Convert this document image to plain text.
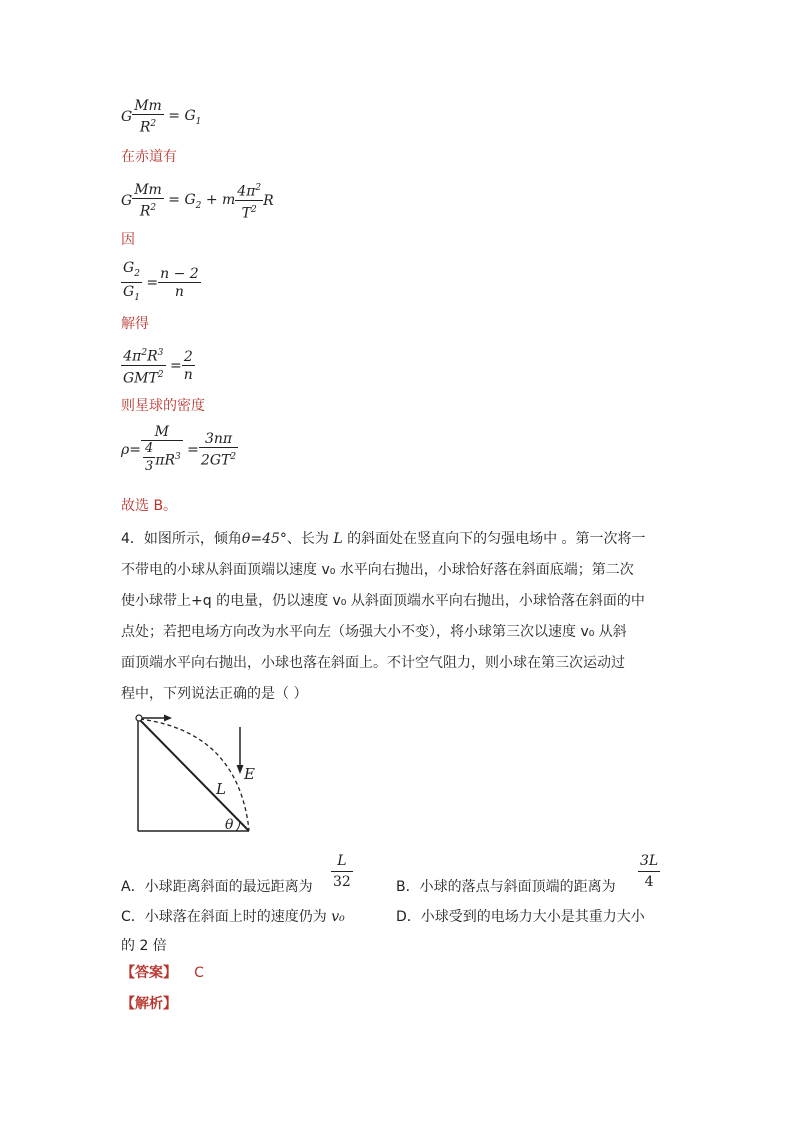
G $\frac{Mm}{R^2} = G_1$
在赤道有
G $\frac{Mm}{R^2} = G_2 + m \frac{4\pi^2}{T^2}$ R
因
$\frac{G_2}{G_1} = \frac{n - 2}{n}$
解得
$\frac{4\pi^2R^3}{GMT^2} = \frac{2}{n}$
则星球的密度
$\rho= \frac{M}{\frac{4}{3} \pi R^3} = \frac{3n\pi}{2GT^2}$
故选 B。
4．如图所示，倾角θ=45°、长为 L 的斜面处在竖直向下的匀强电场中 。第一次将一
不带电的小球从斜面顶端以速度 v₀ 水平向右抛出，小球恰好落在斜面底端；第二次
使小球带上+q 的电量，仍以速度 v₀ 从斜面顶端水平向右抛出，小球恰落在斜面的中
点处；若把电场方向改为水平向左（场强大小不变），将小球第三次以速度 v₀ 从斜
面顶端水平向右抛出，小球也落在斜面上。不计空气阻力，则小球在第三次运动过
程中，下列说法正确的是（ ）
E
L
θ
A．小球距离斜面的最远距离为 $\frac{L}{32}$	B．小球的落点与斜面顶端的距离为 $\frac{3L}{4}$
C．小球落在斜面上时的速度仍为 v₀	D．小球受到的电场力大小是其重力大小
的 2 倍
【答案】 C
【解析】
